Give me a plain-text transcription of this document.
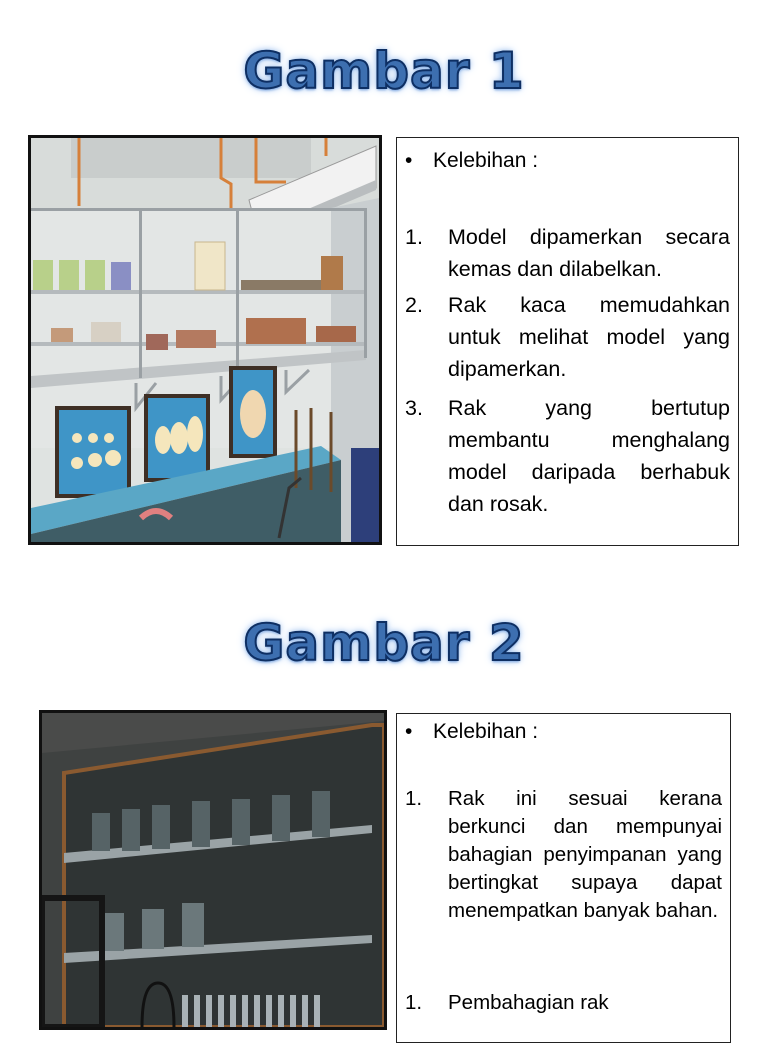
Gambar 1
• Kelebihan :
1. Model dipamerkan secara kemas dan dilabelkan.
2. Rak kaca memudahkan untuk melihat model yang dipamerkan.
3. Rak yang bertutup membantu menghalang model daripada berhabuk dan rosak.
Gambar 2
• Kelebihan :
1. Rak ini sesuai kerana berkunci dan mempunyai bahagian penyimpanan yang bertingkat supaya dapat menempatkan banyak bahan.
1. Pembahagian rak
